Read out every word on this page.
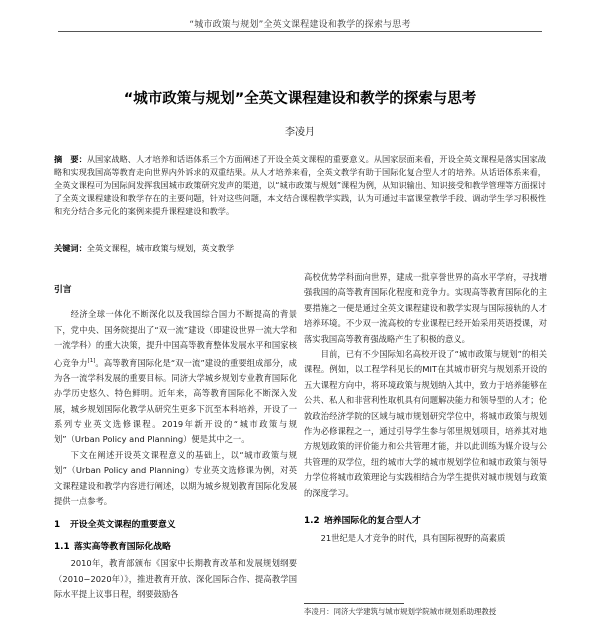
“城市政策与规划”全英文课程建设和教学的探索与思考
“城市政策与规划”全英文课程建设和教学的探索与思考
李凌月
摘　要：从国家战略、人才培养和话语体系三个方面阐述了开设全英文课程的重要意义。从国家层面来看，开设全英文课程是落实国家战略和实现我国高等教育走向世界内外诉求的双重结果。从人才培养来看，全英文教学有助于国际化复合型人才的培养。从话语体系来看，全英文课程可为国际间发挥我国城市政策研究发声的渠道，以“城市政策与规划”课程为例，从知识输出、知识接受和教学管理等方面探讨了全英文课程建设和教学存在的主要问题，针对这些问题，本文结合课程教学实践，认为可通过丰富课堂教学手段、调动学生学习积极性和充分结合多元化的案例来提升课程建设和教学。
关键词：全英文课程，城市政策与规划，英文教学
引言

经济全球一体化不断深化以及我国综合国力不断提高的背景下，党中央、国务院提出了“双一流”建设（即建设世界一流大学和一流学科）的重大决策，提升中国高等教育整体发展水平和国家核心竞争力[1]。高等教育国际化是“双一流”建设的重要组成部分，成为各一流学科发展的重要目标。同济大学城乡规划专业教育国际化办学历史悠久、特色鲜明。近年来，高等教育国际化不断深入发展，城乡规划国际化教学从研究生更多下沉至本科培养，开设了一系列专业英文选修课程。2019年新开设的“城市政策与规划”（Urban Policy and Planning）便是其中之一。

下文在阐述开设英文课程意义的基础上，以“城市政策与规划”（Urban Policy and Planning）专业英文选修课为例，对英文课程建设和教学内容进行阐述，以期为城乡规划教育国际化发展提供一点参考。

1 开设全英文课程的重要意义
1.1 落实高等教育国际化战略

2010年，教育部颁布《国家中长期教育改革和发展规划纲要（2010−2020年）》，推进教育开放、深化国际合作、提高教学国际水平提上议事日程，纲要鼓励各

高校优势学科面向世界，建成一批享誉世界的高水平学府，寻找增强我国的高等教育国际化程度和竞争力。实现高等教育国际化的主要措施之一便是通过全英文课程建设和教学实现与国际接轨的人才培养环境。不少双一流高校的专业课程已经开始采用英语授课，对落实我国高等教育强战略产生了积极的意义。

目前，已有不少国际知名高校开设了“城市政策与规划”的相关课程。例如，以工程学科见长的MIT在其城市研究与规划系开设的五大课程方向中，将环境政策与规划纳入其中，致力于培养能够在公共、私人和非营利性取机具有问题解决能力和领导型的人才；伦敦政治经济学院的区域与城市规划研究学位中，将城市政策与规划作为必修课程之一，通过引导学生参与邻里规划项目，培养其对地方规划政策的评价能力和公共管理才能，并以此训练为媒介设与公共管理的双学位，纽约城市大学的城市规划学位和城市政策与领导力学位将城市政策理论与实践相结合为学生提供对城市规划与政策的深度学习。

1.2 培养国际化的复合型人才

21世纪是人才竞争的时代，具有国际视野的高素质

李凌月：同济大学建筑与城市规划学院城市规划系助理教授
